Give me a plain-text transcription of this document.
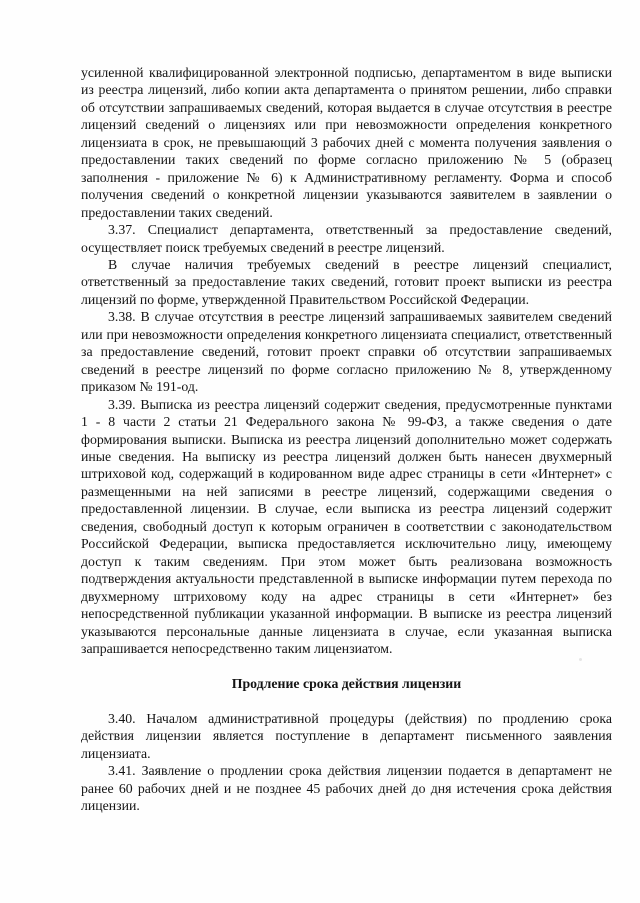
усиленной квалифицированной электронной подписью, департаментом в виде выписки из реестра лицензий, либо копии акта департамента о принятом решении, либо справки об отсутствии запрашиваемых сведений, которая выдается в случае отсутствия в реестре лицензий сведений о лицензиях или при невозможности определения конкретного лицензиата в срок, не превышающий 3 рабочих дней с момента получения заявления о предоставлении таких сведений по форме согласно приложению № 5 (образец заполнения - приложение № 6) к Административному регламенту. Форма и способ получения сведений о конкретной лицензии указываются заявителем в заявлении о предоставлении таких сведений.

3.37. Специалист департамента, ответственный за предоставление сведений, осуществляет поиск требуемых сведений в реестре лицензий.

В случае наличия требуемых сведений в реестре лицензий специалист, ответственный за предоставление таких сведений, готовит проект выписки из реестра лицензий по форме, утвержденной Правительством Российской Федерации.

3.38. В случае отсутствия в реестре лицензий запрашиваемых заявителем сведений или при невозможности определения конкретного лицензиата специалист, ответственный за предоставление сведений, готовит проект справки об отсутствии запрашиваемых сведений в реестре лицензий по форме согласно приложению № 8, утвержденному приказом № 191-од.

3.39. Выписка из реестра лицензий содержит сведения, предусмотренные пунктами 1 - 8 части 2 статьи 21 Федерального закона № 99-ФЗ, а также сведения о дате формирования выписки. Выписка из реестра лицензий дополнительно может содержать иные сведения. На выписку из реестра лицензий должен быть нанесен двухмерный штриховой код, содержащий в кодированном виде адрес страницы в сети «Интернет» с размещенными на ней записями в реестре лицензий, содержащими сведения о предоставленной лицензии. В случае, если выписка из реестра лицензий содержит сведения, свободный доступ к которым ограничен в соответствии с законодательством Российской Федерации, выписка предоставляется исключительно лицу, имеющему доступ к таким сведениям. При этом может быть реализована возможность подтверждения актуальности представленной в выписке информации путем перехода по двухмерному штриховому коду на адрес страницы в сети «Интернет» без непосредственной публикации указанной информации. В выписке из реестра лицензий указываются персональные данные лицензиата в случае, если указанная выписка запрашивается непосредственно таким лицензиатом.

Продление срока действия лицензии

3.40. Началом административной процедуры (действия) по продлению срока действия лицензии является поступление в департамент письменного заявления лицензиата.

3.41. Заявление о продлении срока действия лицензии подается в департамент не ранее 60 рабочих дней и не позднее 45 рабочих дней до дня истечения срока действия лицензии.
